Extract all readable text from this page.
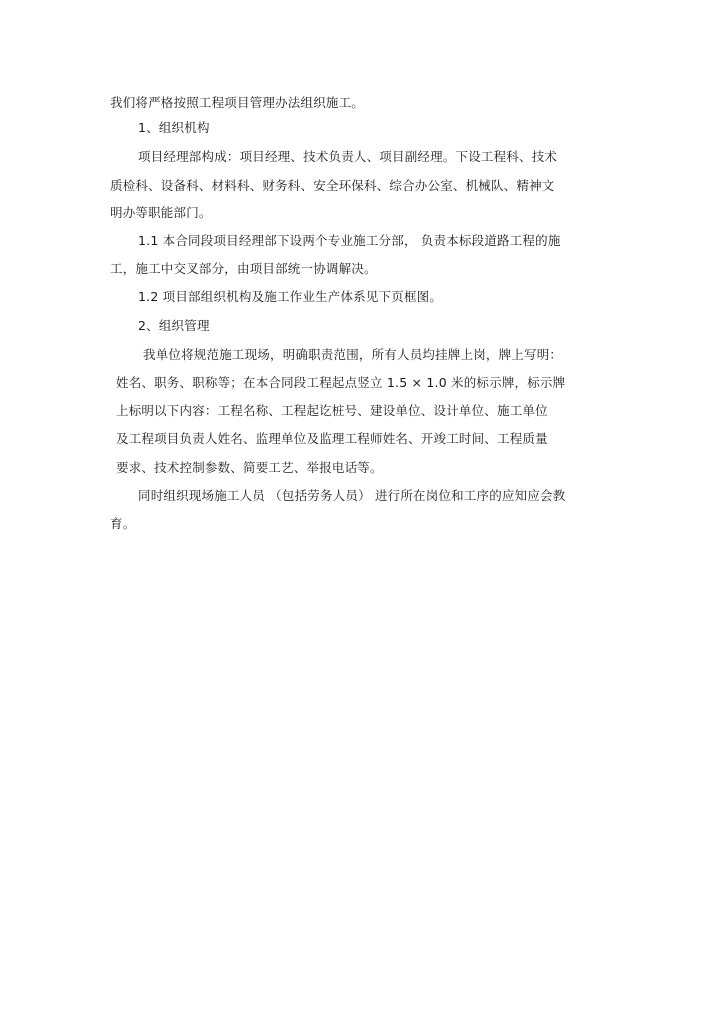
我们将严格按照工程项目管理办法组织施工。
1、组织机构
项目经理部构成：项目经理、技术负责人、项目副经理。下设工程科、技术
质检科、设备科、材料科、财务科、安全环保科、综合办公室、机械队、精神文
明办等职能部门。
1.1 本合同段项目经理部下设两个专业施工分部， 负责本标段道路工程的施
工，施工中交叉部分，由项目部统一协调解决。
1.2 项目部组织机构及施工作业生产体系见下页框图。
2、组织管理
我单位将规范施工现场，明确职责范围，所有人员均挂牌上岗，牌上写明：
姓名、职务、职称等；在本合同段工程起点竖立 1.5 × 1.0 米的标示牌，标示牌
上标明以下内容：工程名称、工程起讫桩号、建设单位、设计单位、施工单位
及工程项目负责人姓名、监理单位及监理工程师姓名、开竣工时间、工程质量
要求、技术控制参数、简要工艺、举报电话等。
同时组织现场施工人员 （包括劳务人员） 进行所在岗位和工序的应知应会教
育。
